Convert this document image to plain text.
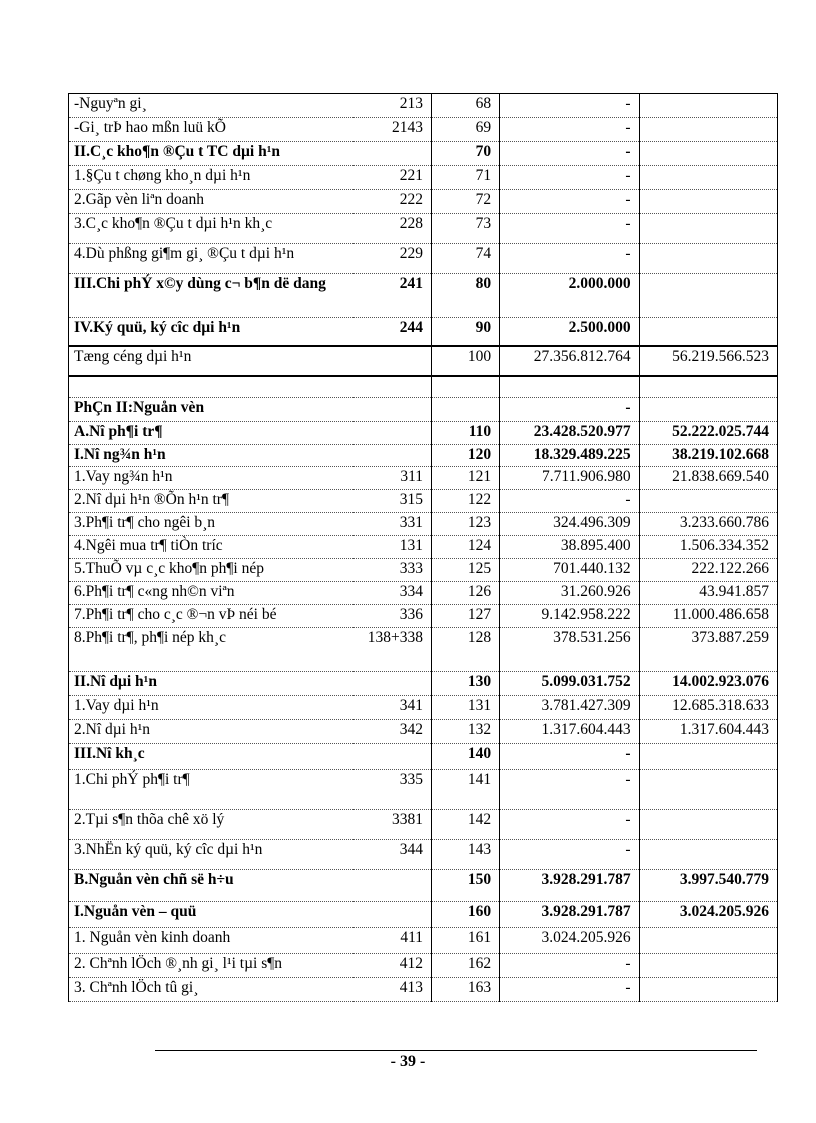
-Nguyªn gi¸	213	68	-	
-Gi¸ trÞ hao mßn luü kÕ	2143	69	-	
II.C¸c kho¶n ®Çu t TC dµi h¹n		70	-	
1.§Çu t chøng kho¸n dµi h¹n	221	71	-	
2.Gãp vèn liªn doanh	222	72	-	
3.C¸c kho¶n ®Çu t dµi h¹n kh¸c	228	73	-	
4.Dù phßng gi¶m gi¸ ®Çu t dµi h¹n	229	74	-	
III.Chi phÝ x©y dùng c¬ b¶n dë dang	241	80	2.000.000	
IV.Ký quü, ký cîc dµi h¹n	244	90	2.500.000	
Tæng céng dµi h¹n		100	27.356.812.764	56.219.566.523

PhÇn II:Nguån vèn			-	
A.Nî ph¶i tr¶		110	23.428.520.977	52.222.025.744
I.Nî ng¾n h¹n		120	18.329.489.225	38.219.102.668
1.Vay ng¾n h¹n	311	121	7.711.906.980	21.838.669.540
2.Nî dµi h¹n ®Õn h¹n tr¶	315	122	-	
3.Ph¶i tr¶ cho ngêi b¸n	331	123	324.496.309	3.233.660.786
4.Ngêi mua tr¶ tiÒn tríc	131	124	38.895.400	1.506.334.352
5.ThuÕ vµ c¸c kho¶n ph¶i nép	333	125	701.440.132	222.122.266
6.Ph¶i tr¶ c«ng nh©n viªn	334	126	31.260.926	43.941.857
7.Ph¶i tr¶ cho c¸c ®¬n vÞ néi bé	336	127	9.142.958.222	11.000.486.658
8.Ph¶i tr¶, ph¶i nép kh¸c	138+338	128	378.531.256	373.887.259
II.Nî dµi h¹n		130	5.099.031.752	14.002.923.076
1.Vay dµi h¹n	341	131	3.781.427.309	12.685.318.633
2.Nî dµi h¹n	342	132	1.317.604.443	1.317.604.443
III.Nî kh¸c		140	-	
1.Chi phÝ ph¶i tr¶	335	141	-	
2.Tµi s¶n thõa chê xö lý	3381	142	-	
3.NhËn ký quü, ký cîc dµi h¹n	344	143	-	
B.Nguån vèn chñ së h÷u		150	3.928.291.787	3.997.540.779
I.Nguån vèn – quü		160	3.928.291.787	3.024.205.926
1. Nguån vèn kinh doanh	411	161	3.024.205.926	
2. Chªnh lÖch ®¸nh gi¸ l¹i tµi s¶n	412	162	-	
3. Chªnh lÖch tû gi¸	413	163	-	
- 39 -
